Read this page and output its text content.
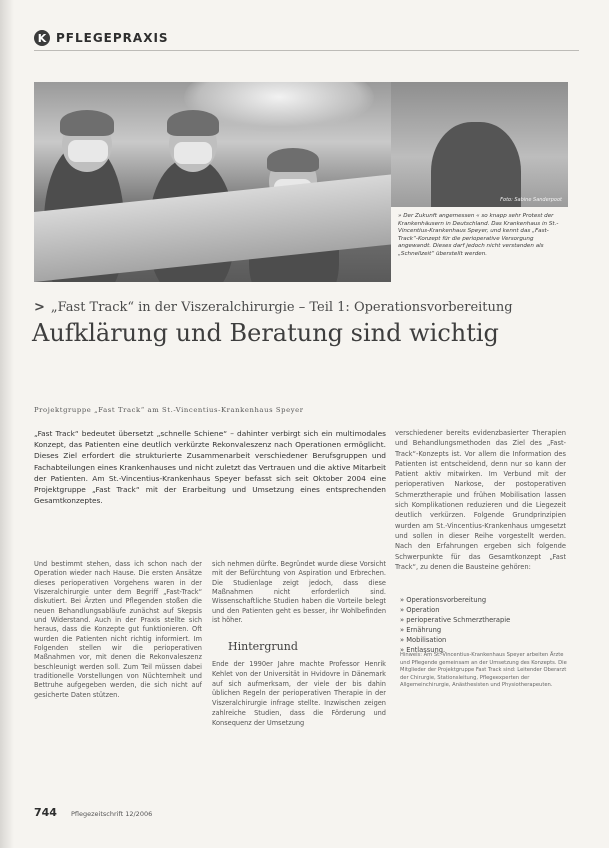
K PFLEGEPRAXIS
Foto: Sabine Sanderpoot

» Der Zukunft angemessen « so knapp sehr Protest der Krankenhäusern in Deutschland. Das Krankenhaus in St.-Vincentius-Krankenhaus Speyer, und kennt das „Fast-Track“-Konzept für die perioperative Versorgung angewandt. Dieses darf jedoch nicht verstanden als „Schnellzeit“ überstellt werden.

> „Fast Track“ in der Viszeralchirurgie – Teil 1: Operationsvorbereitung
Aufklärung und Beratung sind wichtig
Projektgruppe „Fast Track“ am St.-Vincentius-Krankenhaus Speyer

„Fast Track“ bedeutet übersetzt „schnelle Schiene“ – dahinter verbirgt sich ein multimodales Konzept, das Patienten eine deutlich verkürzte Rekonvaleszenz nach Operationen ermöglicht. Dieses Ziel erfordert die strukturierte Zusammenarbeit verschiedener Berufsgruppen und Fachabteilungen eines Krankenhauses und nicht zuletzt das Vertrauen und die aktive Mitarbeit der Patienten. Am St.-Vincentius-Krankenhaus Speyer befasst sich seit Oktober 2004 eine Projektgruppe „Fast Track“ mit der Erarbeitung und Umsetzung eines entsprechenden Gesamtkonzeptes.

Und bestimmt stehen, dass ich schon nach der Operation wieder nach Hause. Die ersten Ansätze dieses perioperativen Vorgehens waren in der Viszeralchirurgie unter dem Begriff „Fast-Track“ diskutiert. Bei Ärzten und Pflegenden stoßen die neuen Behandlungsabläufe zunächst auf Skepsis und Widerstand. Auch in der Praxis stellte sich heraus, dass die Konzepte gut funktionieren. Oft wurden die Patienten nicht richtig informiert. Im Folgenden stellen wir die perioperativen Maßnahmen vor, mit denen die Rekonvaleszenz beschleunigt werden soll. Zum Teil müssen dabei traditionelle Vorstellungen von Nüchternheit und Bettruhe aufgegeben werden, die sich nicht auf gesicherte Daten stützen.

sich nehmen dürfte. Begründet wurde diese Vorsicht mit der Befürchtung von Aspiration und Erbrechen. Die Studienlage zeigt jedoch, dass diese Maßnahmen nicht erforderlich sind. Wissenschaftliche Studien haben die Vorteile belegt und den Patienten geht es besser, ihr Wohlbefinden ist höher.

Hintergrund

Ende der 1990er Jahre machte Professor Henrik Kehlet von der Universität in Hvidovre in Dänemark auf sich aufmerksam, der viele der bis dahin üblichen Regeln der perioperativen Therapie in der Viszeralchirurgie infrage stellte. Inzwischen zeigen zahlreiche Studien, dass die Förderung und Konsequenz der Umsetzung

verschiedener bereits evidenzbasierter Therapien und Behandlungsmethoden das Ziel des „Fast-Track“-Konzepts ist. Vor allem die Information des Patienten ist entscheidend, denn nur so kann der Patient aktiv mitwirken. Im Verbund mit der perioperativen Narkose, der postoperativen Schmerztherapie und frühen Mobilisation lassen sich Komplikationen reduzieren und die Liegezeit deutlich verkürzen. Folgende Grundprinzipien wurden am St.-Vincentius-Krankenhaus umgesetzt und sollen in dieser Reihe vorgestellt werden. Nach den Erfahrungen ergeben sich folgende Schwerpunkte für das Gesamtkonzept „Fast Track“, zu denen die Bausteine gehören:

» Operationsvorbereitung
» Operation
» perioperative Schmerztherapie
» Ernährung
» Mobilisation
» Entlassung.

Hinweis: Am St.-Vincentius-Krankenhaus Speyer arbeiten Ärzte und Pflegende gemeinsam an der Umsetzung des Konzepts. Die Mitglieder der Projektgruppe Fast Track sind: Leitender Oberarzt der Chirurgie, Stationsleitung, Pflegeexperten der Allgemeinchirurgie, Anästhesisten und Physiotherapeuten.

744 Pflegezeitschrift 12/2006
